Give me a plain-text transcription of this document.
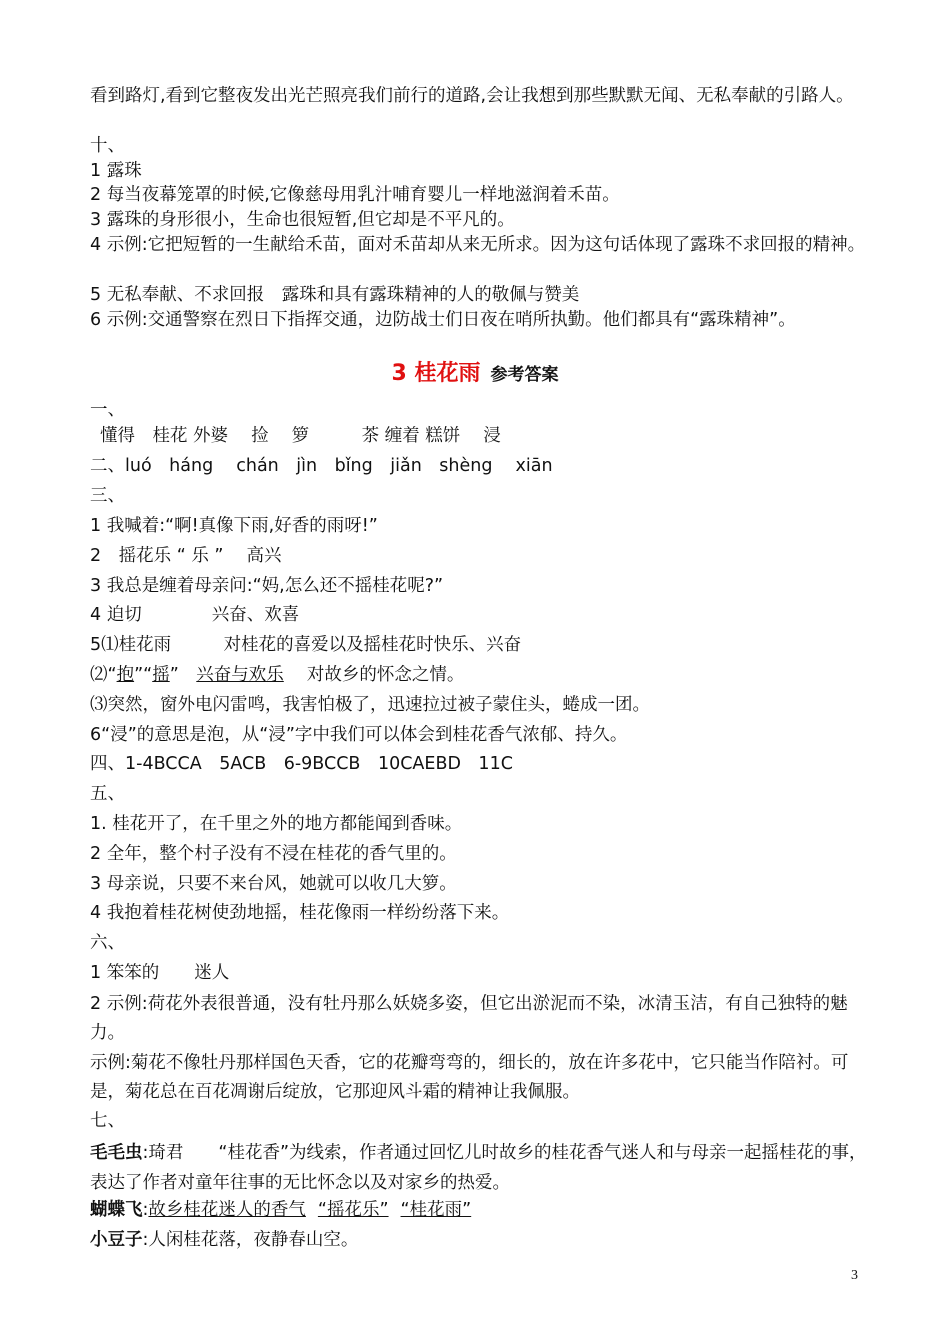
看到路灯,看到它整夜发出光芒照亮我们前行的道路,会让我想到那些默默无闻、无私奉献的引路人。
十、
1 露珠
2 每当夜幕笼罩的时候,它像慈母用乳汁哺育婴儿一样地滋润着禾苗。
3 露珠的身形很小，生命也很短暂,但它却是不平凡的。
4 示例:它把短暂的一生献给禾苗，面对禾苗却从来无所求。因为这句话体现了露珠不求回报的精神。
5 无私奉献、不求回报　露珠和具有露珠精神的人的敬佩与赞美
6 示例:交通警察在烈日下指挥交通，边防战士们日夜在哨所执勤。他们都具有“露珠精神”。
3 桂花雨 参考答案
一、
懂得　桂花 外婆　 捡　 箩　　　茶 缠着 糕饼　 浸
二、luó　háng　 chán　jìn　bǐng　jiǎn　shèng　 xiān
三、
1 我喊着:“啊!真像下雨,好香的雨呀!”
2　摇花乐 “ 乐 ”　 高兴
3 我总是缠着母亲问:“妈,怎么还不摇桂花呢?”
4 迫切　　　　兴奋、欢喜
5⑴桂花雨　　　对桂花的喜爱以及摇桂花时快乐、兴奋
⑵“抱”“摇”　兴奋与欢乐　 对故乡的怀念之情。
⑶突然，窗外电闪雷鸣，我害怕极了，迅速拉过被子蒙住头，蜷成一团。
6“浸”的意思是泡，从“浸”字中我们可以体会到桂花香气浓郁、持久。
四、1-4BCCA　5ACB　6-9BCCB　10CAEBD　11C
五、
1. 桂花开了，在千里之外的地方都能闻到香味。
2 全年，整个村子没有不浸在桂花的香气里的。
3 母亲说，只要不来台风，她就可以收几大箩。
4 我抱着桂花树使劲地摇，桂花像雨一样纷纷落下来。
六、
1 笨笨的　　迷人
2 示例:荷花外表很普通，没有牡丹那么妖娆多姿，但它出淤泥而不染，冰清玉洁，有自己独特的魅力。
示例:菊花不像牡丹那样国色天香，它的花瓣弯弯的，细长的，放在许多花中，它只能当作陪衬。可是，菊花总在百花凋谢后绽放，它那迎风斗霜的精神让我佩服。
七、
毛毛虫:琦君　　“桂花香”为线索，作者通过回忆儿时故乡的桂花香气迷人和与母亲一起摇桂花的事，表达了作者对童年往事的无比怀念以及对家乡的热爱。
蝴蝶飞:故乡桂花迷人的香气 “摇花乐” “桂花雨”
小豆子:人闲桂花落，夜静春山空。
3
